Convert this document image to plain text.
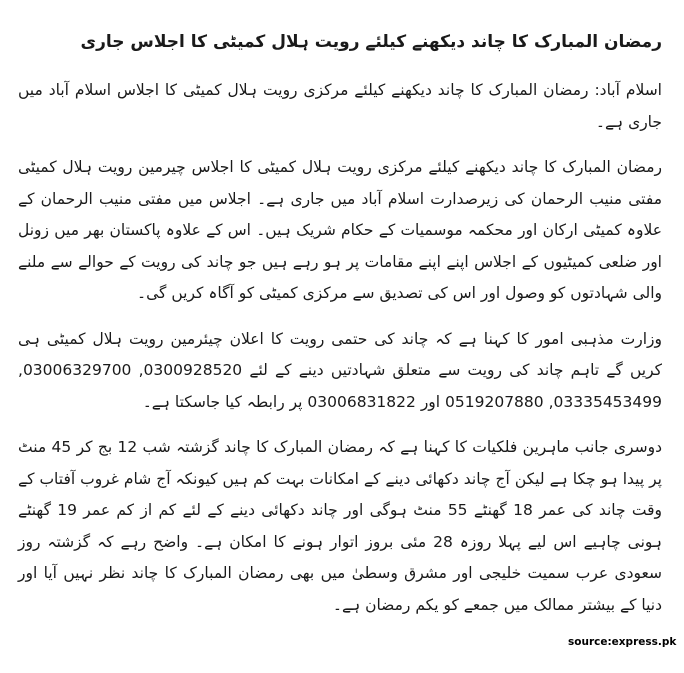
رمضان المبارک کا چاند دیکھنے کیلئے رویت ہلال کمیٹی کا اجلاس جاری

اسلام آباد: رمضان المبارک کا چاند دیکھنے کیلئے مرکزی رویت ہلال کمیٹی کا اجلاس اسلام آباد میں جاری ہے۔

رمضان المبارک کا چاند دیکھنے کیلئے مرکزی رویت ہلال کمیٹی کا اجلاس چیرمین رویت ہلال کمیٹی مفتی منیب الرحمان کی زیرصدارت اسلام آباد میں جاری ہے۔ اجلاس میں مفتی منیب الرحمان کے علاوہ کمیٹی ارکان اور محکمہ موسمیات کے حکام شریک ہیں۔ اس کے علاوہ پاکستان بھر میں زونل اور ضلعی کمیٹیوں کے اجلاس اپنے اپنے مقامات پر ہو رہے ہیں جو چاند کی رویت کے حوالے سے ملنے والی شہادتوں کو وصول اور اس کی تصدیق سے مرکزی کمیٹی کو آگاہ کریں گی۔

وزارت مذہبی امور کا کہنا ہے کہ چاند کی حتمی رویت کا اعلان چیئرمین رویت ہلال کمیٹی ہی کریں گے تاہم چاند کی رویت سے متعلق شہادتیں دینے کے لئے 0300928520, 03006329700, 03335453499, 0519207880 اور 03006831822 پر رابطہ کیا جاسکتا ہے۔

دوسری جانب ماہرین فلکیات کا کہنا ہے کہ رمضان المبارک کا چاند گزشتہ شب 12 بج کر 45 منٹ پر پیدا ہو چکا ہے لیکن آج چاند دکھائی دینے کے امکانات بہت کم ہیں کیونکہ آج شام غروب آفتاب کے وقت چاند کی عمر 18 گھنٹے 55 منٹ ہوگی اور چاند دکھائی دینے کے لئے کم از کم عمر 19 گھنٹے ہونی چاہیے اس لیے پہلا روزہ 28 مئی بروز اتوار ہونے کا امکان ہے۔ واضح رہے کہ گزشتہ روز سعودی عرب سمیت خلیجی اور مشرق وسطیٰ میں بھی رمضان المبارک کا چاند نظر نہیں آیا اور دنیا کے بیشتر ممالک میں جمعے کو یکم رمضان ہے۔

source:express.pk
